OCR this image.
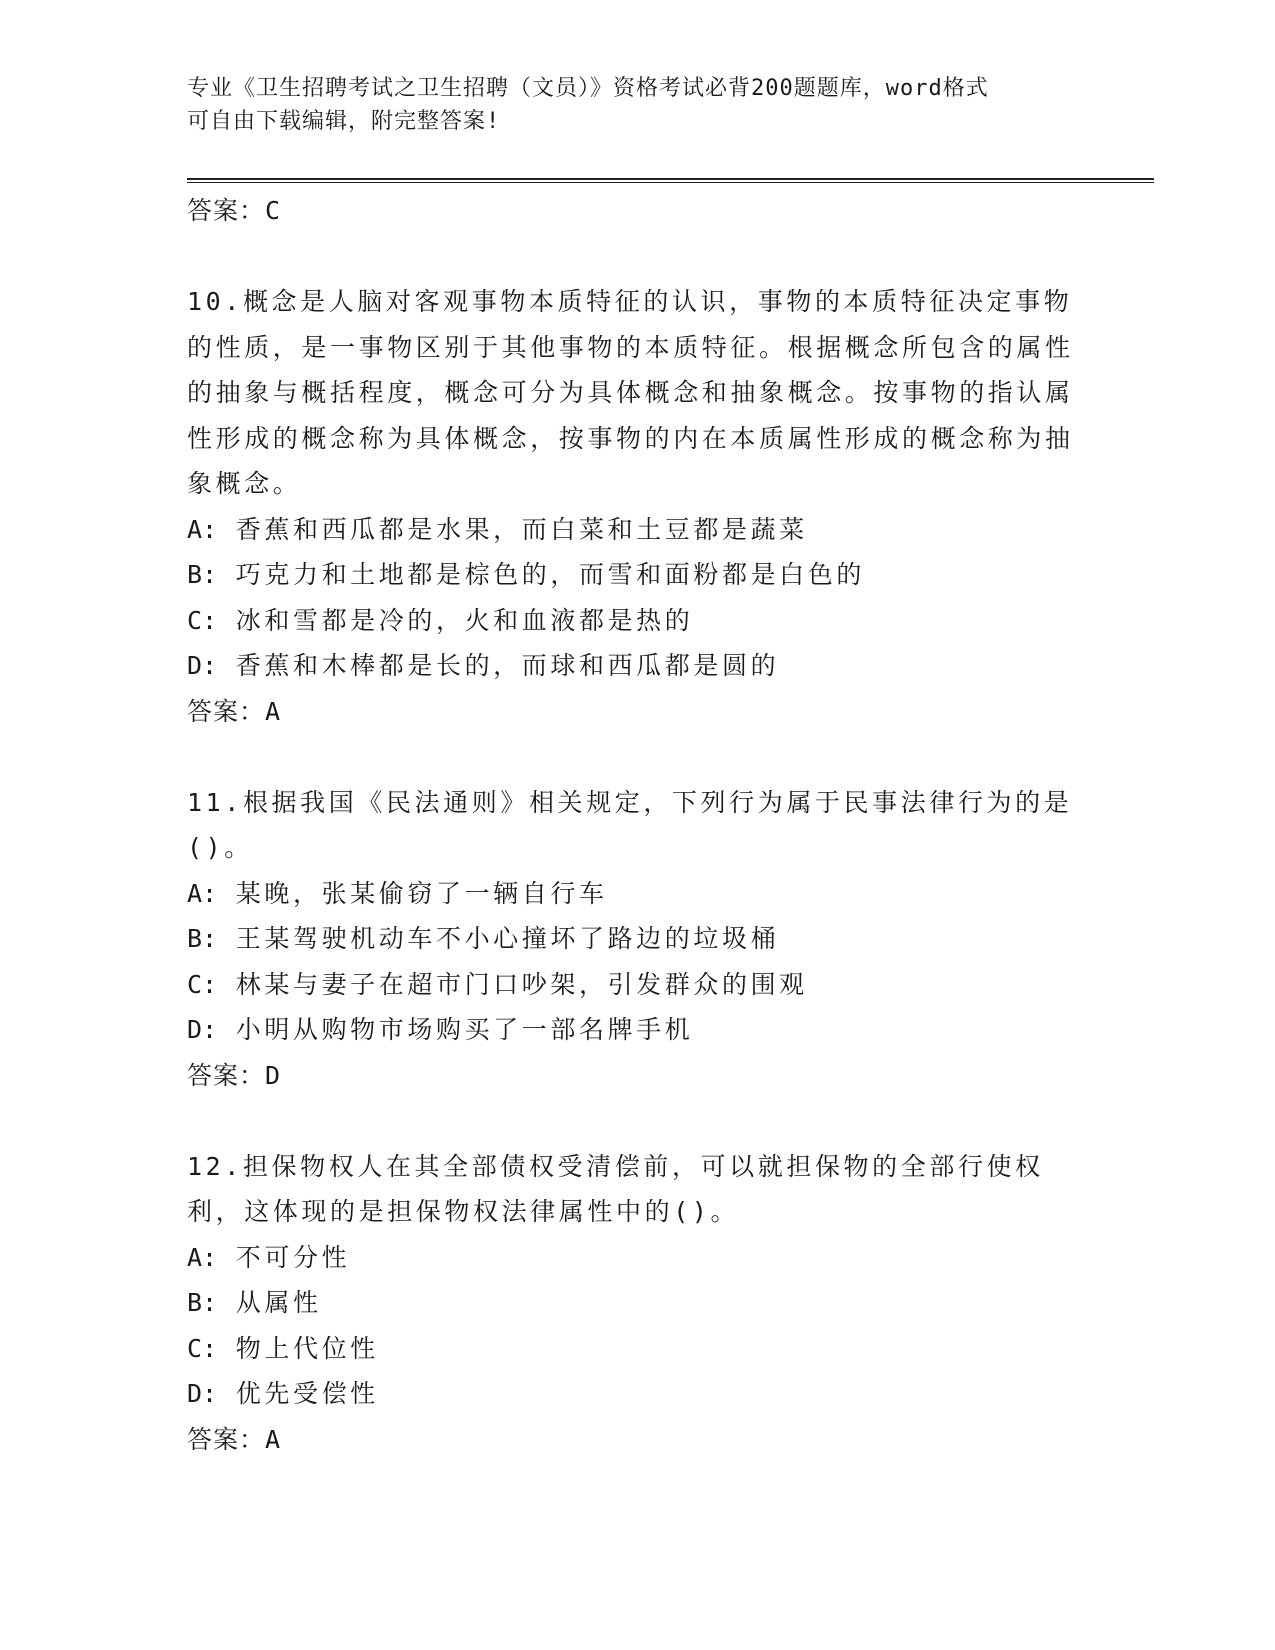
专业《卫生招聘考试之卫生招聘（文员）》资格考试必背200题题库，word格式
可自由下载编辑，附完整答案!

答案：C

10.概念是人脑对客观事物本质特征的认识，事物的本质特征决定事物的性质，是一事物区别于其他事物的本质特征。根据概念所包含的属性的抽象与概括程度，概念可分为具体概念和抽象概念。按事物的指认属性形成的概念称为具体概念，按事物的内在本质属性形成的概念称为抽象概念。

A: 香蕉和西瓜都是水果，而白菜和土豆都是蔬菜

B: 巧克力和土地都是棕色的，而雪和面粉都是白色的

C: 冰和雪都是冷的，火和血液都是热的

D: 香蕉和木棒都是长的，而球和西瓜都是圆的

答案：A

11.根据我国《民法通则》相关规定，下列行为属于民事法律行为的是()。

A: 某晚，张某偷窃了一辆自行车

B: 王某驾驶机动车不小心撞坏了路边的垃圾桶

C: 林某与妻子在超市门口吵架，引发群众的围观

D: 小明从购物市场购买了一部名牌手机

答案：D

12.担保物权人在其全部债权受清偿前，可以就担保物的全部行使权利，这体现的是担保物权法律属性中的()。

A: 不可分性

B: 从属性

C: 物上代位性

D: 优先受偿性

答案：A
